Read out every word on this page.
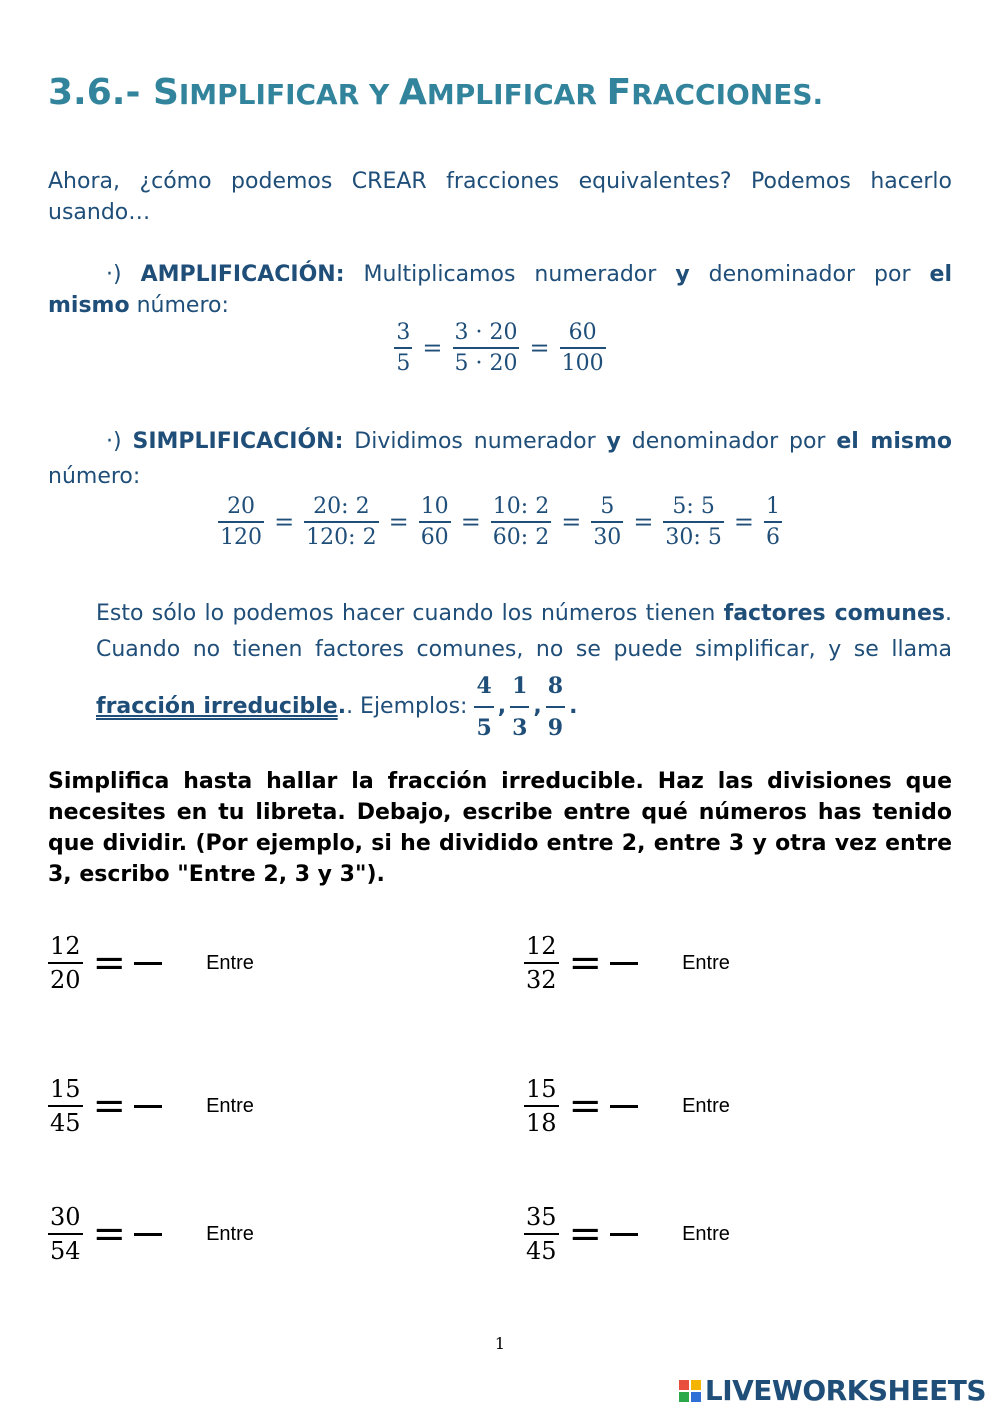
3.6.- SIMPLIFICAR Y AMPLIFICAR FRACCIONES.
Ahora, ¿cómo podemos CREAR fracciones equivalentes? Podemos hacerlo usando…
·) AMPLIFICACIÓN: Multiplicamos numerador y denominador por el mismo número:
$\frac{3}{5} = \frac{3 \cdot 20}{5 \cdot 20} = \frac{60}{100}$
·) SIMPLIFICACIÓN: Dividimos numerador y denominador por el mismo número:
$\frac{20}{120} = \frac{20: 2}{120: 2} = \frac{10}{60} = \frac{10: 2}{60: 2} = \frac{5}{30} = \frac{5: 5}{30: 5} = \frac{1}{6}$
Esto sólo lo podemos hacer cuando los números tienen factores comunes. Cuando no tienen factores comunes, no se puede simplificar, y se llama fracción irreducible.. Ejemplos: $\frac{4}{5}$ , $\frac{1}{3}$ , $\frac{8}{9}$ .
Simplifica hasta hallar la fracción irreducible. Haz las divisiones que necesites en tu libreta. Debajo, escribe entre qué números has tenido que dividir. (Por ejemplo, si he dividido entre 2, entre 3 y otra vez entre 3, escribo "Entre 2, 3 y 3").
$\frac{12}{20}$ =	Entre	$\frac{12}{32}$ =	Entre
$\frac{15}{45}$ =	Entre	$\frac{15}{18}$ =	Entre
$\frac{30}{54}$ =	Entre	$\frac{35}{45}$ =	Entre
1
LIVEWORKSHEETS
